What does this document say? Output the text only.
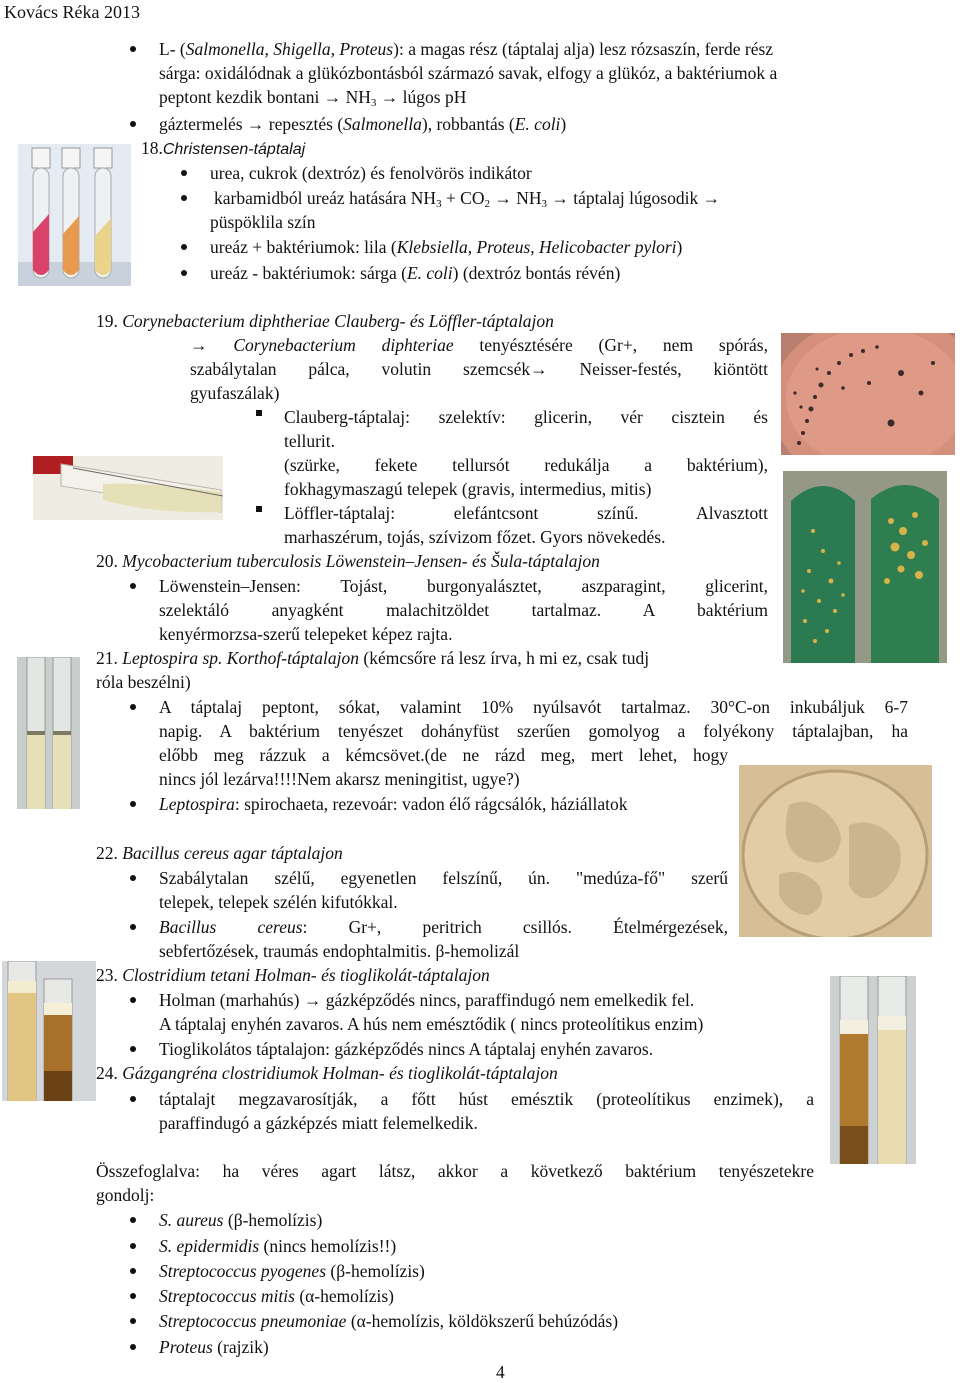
Kovács Réka 2013
L- (Salmonella, Shigella, Proteus): a magas rész (táptalaj alja) lesz rózsaszín, ferde rész
sárga: oxidálódnak a glükózbontásból származó savak, elfogy a glükóz, a baktériumok a
peptont kezdik $bontani \to NH_3$ → lúgos pH
gáztermelés → repesztés (Salmonella), robbantás (E. coli)
18.Christensen-táptalaj
urea, cukrok (dextróz) és fenolvörös indikátor
karbamidból ureáz hatására $NH_3 + CO_2 \to NH_3$ → táptalaj lúgosodik →
püspöklila szín
ureáz + baktériumok: lila (Klebsiella, Proteus, Helicobacter pylori)
ureáz - baktériumok: sárga (E. coli) (dextróz bontás révén)
19. Corynebacterium diphtheriae Clauberg- és Löffler-táptalajon
→ Corynebacterium diphteriae tenyésztésére (Gr+, nem spórás,
szabálytalan pálca, volutin szemcsék→ Neisser-festés, kiöntött
gyufaszálak)
Clauberg-táptalaj: szelektív: glicerin, vér cisztein és
tellurit.
(szürke, fekete tellursót redukálja a baktérium),
fokhagymaszagú telepek (gravis, intermedius, mitis)
Löffler-táptalaj: elefántcsont színű. Alvasztott
marhaszérum, tojás, szívizom főzet. Gyors növekedés.
20. Mycobacterium tuberculosis Löwenstein–Jensen- és Šula-táptalajon
Löwenstein–Jensen: Tojást, burgonyalásztet, aszparagint, glicerint,
szelektáló anyagként malachitzöldet tartalmaz. A baktérium
kenyérmorzsa-szerű telepeket képez rajta.
21. Leptospira sp. Korthof-táptalajon (kémcsőre rá lesz írva, h mi ez, csak tudj
róla beszélni)
A táptalaj peptont, sókat, valamint 10% nyúlsavót tartalmaz. 30°C-on inkubáljuk 6-7
napig. A baktérium tenyészet dohányfüst szerűen gomolyog a folyékony táptalajban, ha
előbb meg rázzuk a kémcsövet.(de ne rázd meg, mert lehet, hogy
nincs jól lezárva!!!!Nem akarsz meningitist, ugye?)
Leptospira: spirochaeta, rezevoár: vadon élő rágcsálók, háziállatok
22. Bacillus cereus agar táptalajon
Szabálytalan szélű, egyenetlen felszínű, ún. "medúza-fő" szerű
telepek, telepek szélén kifutókkal.
Bacillus cereus: Gr+, peritrich csillós. Ételmérgezések,
sebfertőzések, traumás endophtalmitis. β-hemolizál
23. Clostridium tetani Holman- és tioglikolát-táptalajon
Holman (marhahús) → gázképződés nincs, paraffindugó nem emelkedik fel.
A táptalaj enyhén zavaros. A hús nem emésztődik ( nincs proteolítikus enzim)
Tioglikolátos táptalajon: gázképződés nincs A táptalaj enyhén zavaros.
24. Gázgangréna clostridiumok Holman- és tioglikolát-táptalajon
táptalajt megzavarosítják, a főtt húst emésztik (proteolítikus enzimek), a
paraffindugó a gázképzés miatt felemelkedik.
Összefoglalva: ha véres agart látsz, akkor a következő baktérium tenyészetekre
gondolj:
S. aureus (β-hemolízis)
S. epidermidis (nincs hemolízis!!)
Streptococcus pyogenes (β-hemolízis)
Streptococcus mitis (α-hemolízis)
Streptococcus pneumoniae (α-hemolízis, köldökszerű behúzódás)
Proteus (rajzik)
4
